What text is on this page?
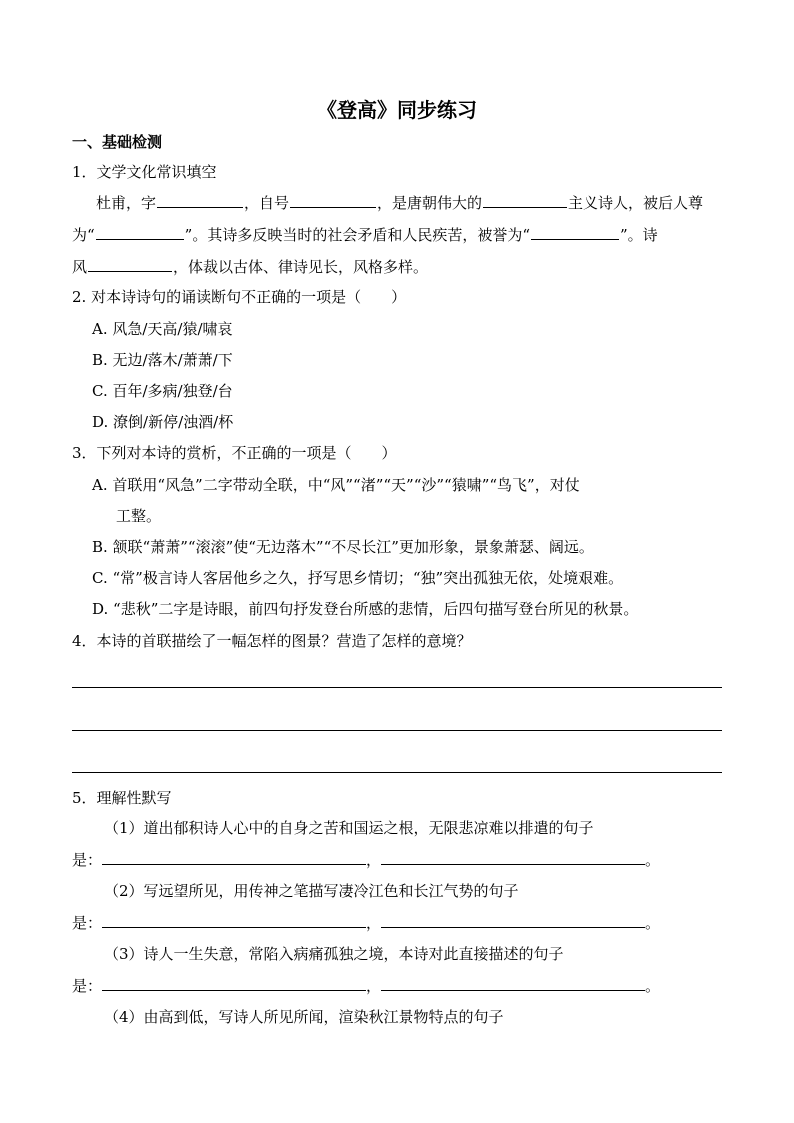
《登高》同步练习
一、基础检测
1．文学文化常识填空
杜甫，字	，自号	，是唐朝伟大的	主义诗人，被后人尊
为“	”。其诗多反映当时的社会矛盾和人民疾苦，被誉为“	”。诗
风	，体裁以古体、律诗见长，风格多样。
2. 对本诗诗句的诵读断句不正确的一项是（　　）
A. 风急/天高/猿/啸哀
B. 无边/落木/萧萧/下
C. 百年/多病/独登/台
D. 潦倒/新停/浊酒/杯
3．下列对本诗的赏析，不正确的一项是（　　）
A. 首联用“风急”二字带动全联，中“风”“渚”“天”“沙”“猿啸”“鸟飞”，对仗
工整。
B. 颔联“萧萧”“滚滚”使“无边落木”“不尽长江”更加形象，景象萧瑟、阔远。
C. “常”极言诗人客居他乡之久，抒写思乡情切；“独”突出孤独无依，处境艰难。
D. “悲秋”二字是诗眼，前四句抒发登台所感的悲情，后四句描写登台所见的秋景。
4．本诗的首联描绘了一幅怎样的图景？营造了怎样的意境？
5．理解性默写
（1）道出郁积诗人心中的自身之苦和国运之根，无限悲凉难以排遣的句子
是：	，	。
（2）写远望所见，用传神之笔描写凄冷江色和长江气势的句子
是：	，	。
（3）诗人一生失意，常陷入病痛孤独之境，本诗对此直接描述的句子
是：	，	。
（4）由高到低，写诗人所见所闻，渲染秋江景物特点的句子
